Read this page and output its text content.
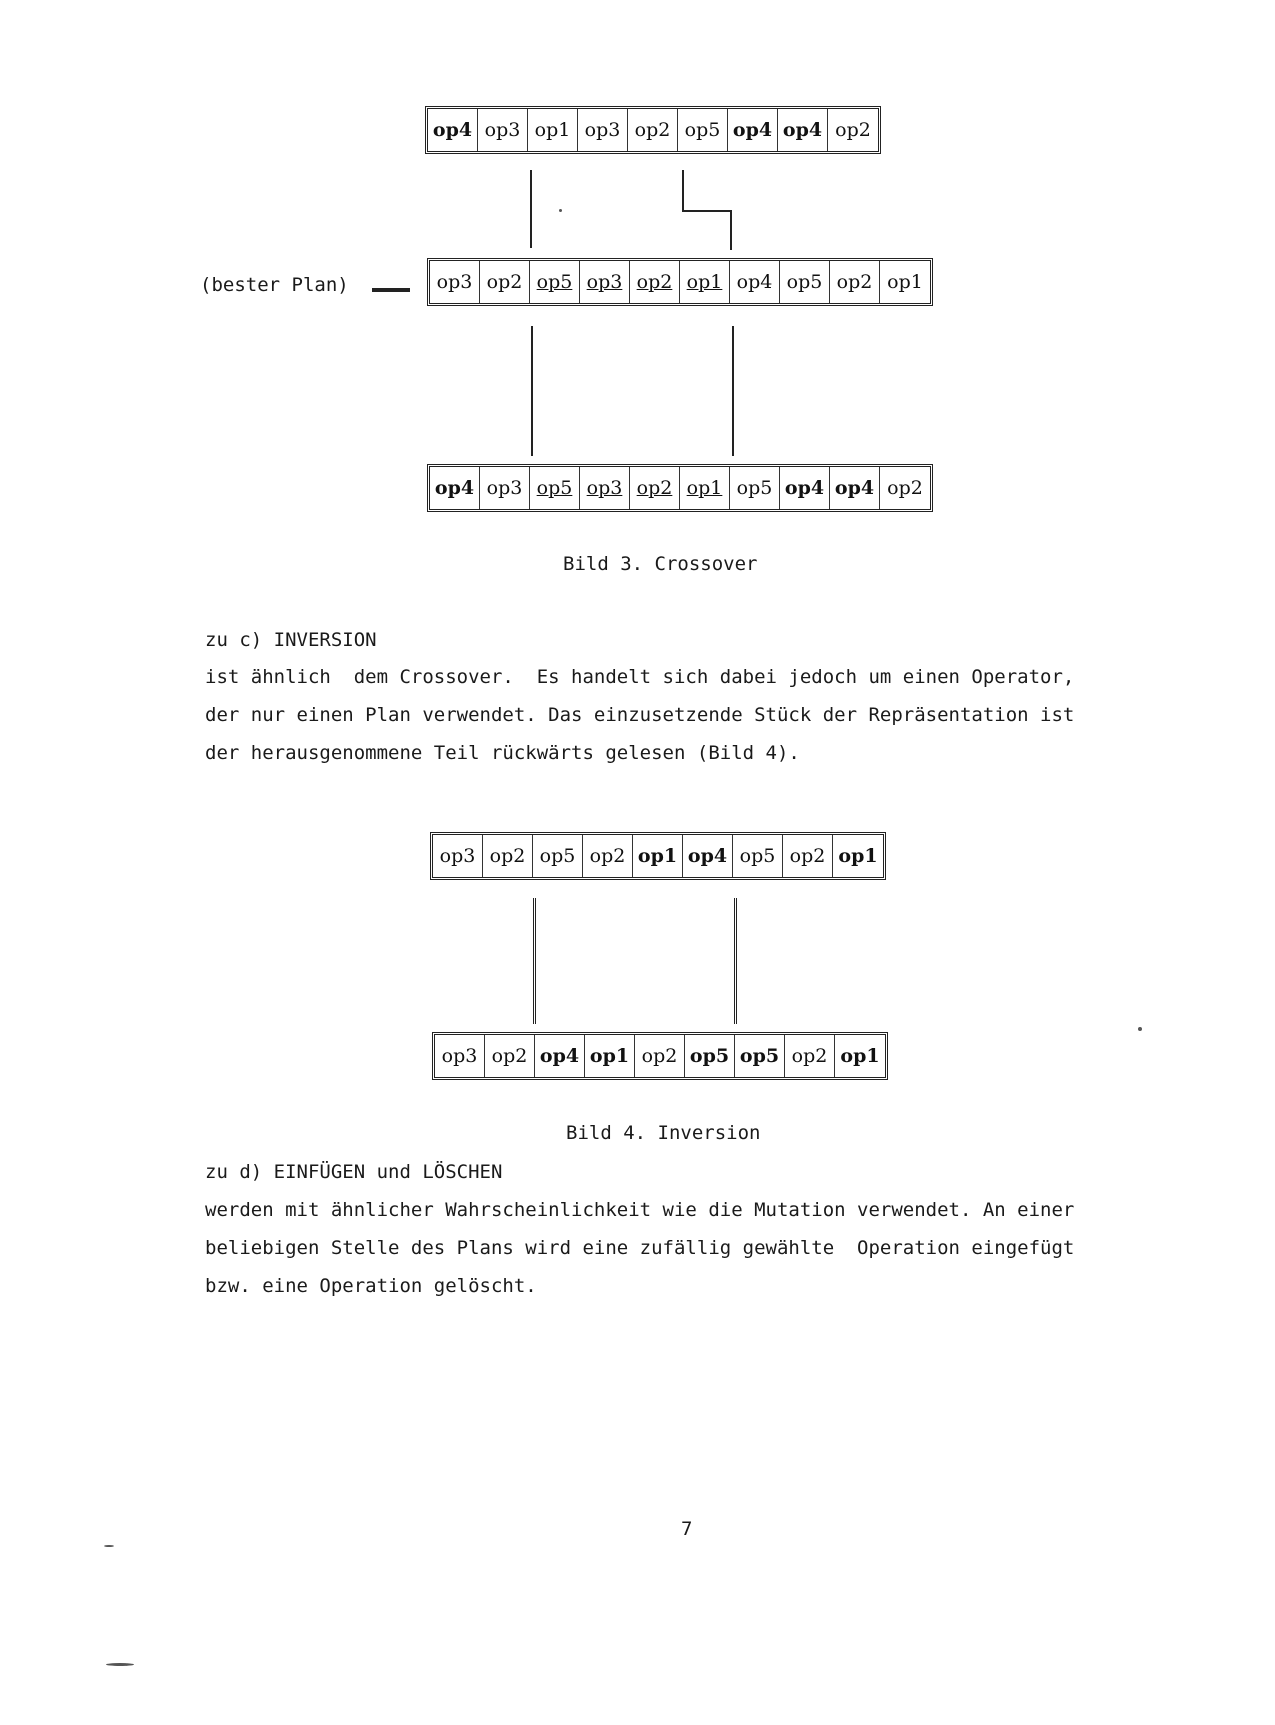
op4 op3 op1 op3 op2 op5 op4 op4 op2
(bester Plan)	op3 op2 op5 op3 op2 op1 op4 op5 op2 op1
op4 op3 op5 op3 op2 op1 op5 op4 op4 op2
Bild 3. Crossover
zu c) INVERSION
ist ähnlich  dem Crossover.  Es handelt sich dabei jedoch um einen Operator,
der nur einen Plan verwendet. Das einzusetzende Stück der Repräsentation ist
der herausgenommene Teil rückwärts gelesen (Bild 4).
op3 op2 op5 op2 op1 op4 op5 op2 op1
op3 op2 op4 op1 op2 op5 op5 op2 op1
Bild 4. Inversion
zu d) EINFÜGEN und LÖSCHEN
werden mit ähnlicher Wahrscheinlichkeit wie die Mutation verwendet. An einer
beliebigen Stelle des Plans wird eine zufällig gewählte  Operation eingefügt
bzw. eine Operation gelöscht.
7
